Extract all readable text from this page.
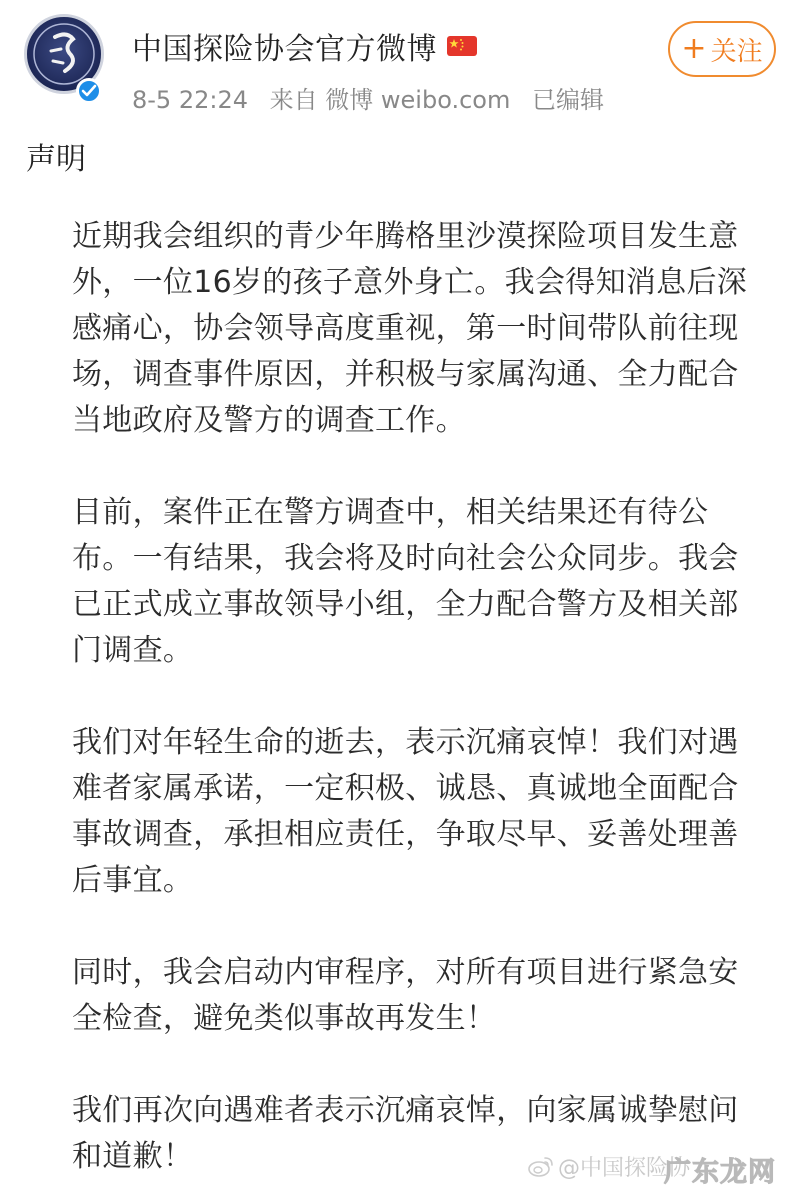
中国探险协会官方微博
8-5 22:24 来自 微博 weibo.com 已编辑
+ 关注
声明

近期我会组织的青少年腾格里沙漠探险项目发生意外，一位16岁的孩子意外身亡。我会得知消息后深感痛心，协会领导高度重视，第一时间带队前往现场，调查事件原因，并积极与家属沟通、全力配合当地政府及警方的调查工作。

目前，案件正在警方调查中，相关结果还有待公布。一有结果，我会将及时向社会公众同步。我会已正式成立事故领导小组，全力配合警方及相关部门调查。

我们对年轻生命的逝去，表示沉痛哀悼！我们对遇难者家属承诺，一定积极、诚恳、真诚地全面配合事故调查，承担相应责任，争取尽早、妥善处理善后事宜。

同时，我会启动内审程序，对所有项目进行紧急安全检查，避免类似事故再发生！

我们再次向遇难者表示沉痛哀悼，向家属诚挚慰问和道歉！	@中国探险协
广东龙网
